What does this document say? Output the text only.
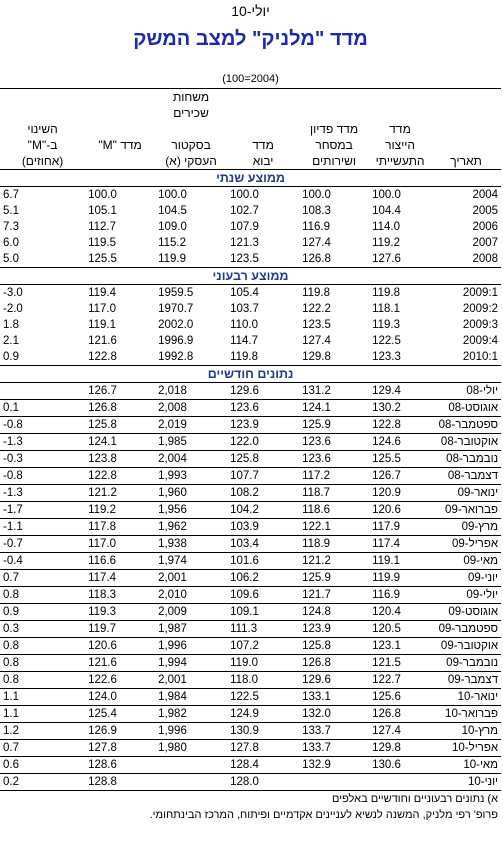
יולי-10						
מדד "מלניק" למצב המשק						

(2004=100)						
				משחות		
				שכירים		
	מדד	מדד פדיון				השינוי
	הייצור	במסחר	מדד	בסקטור	מדד "M"	ב-"M"
תאריך	התעשייתי	ושירותים	יבוא	העסקי (א)		(אחוזים)
ממוצע שנתי						
2004	100.0	100.0	100.0	100.0	100.0	6.7
2005	104.4	108.3	102.7	104.5	105.1	5.1
2006	114.0	116.9	107.9	109.0	112.7	7.3
2007	119.2	127.4	121.3	115.2	119.5	6.0
2008	127.6	126.8	123.5	119.9	125.5	5.0
ממוצע רבעוני						
2009:1	119.8	119.8	105.4	1959.5	119.4	-3.0
2009:2	118.1	122.2	103.7	1970.7	117.0	-2.0
2009:3	119.3	123.5	110.0	2002.0	119.1	1.8
2009:4	122.5	127.4	114.7	1996.9	121.6	2.1
2010:1	123.3	129.8	119.8	1992.8	122.8	0.9
נתונים חודשיים						
יולי-08	129.4	131.2	129.6	2,018	126.7	
אוגוסט-08	130.2	124.1	123.6	2,008	126.8	0.1
ספטמבר-08	122.8	125.9	123.9	2,019	125.8	-0.8
אוקטובר-08	124.6	123.6	122.0	1,985	124.1	-1.3
נובמבר-08	125.5	123.6	125.8	2,004	123.8	-0.3
דצמבר-08	126.7	117.2	107.7	1,993	122.8	-0.8
ינואר-09	120.9	118.7	108.2	1,960	121.2	-1.3
פברואר-09	120.6	118.6	104.2	1,956	119.2	-1.7
מרץ-09	117.9	122.1	103.9	1,962	117.8	-1.1
אפריל-09	117.4	118.9	103.4	1,938	117.0	-0.7
מאי-09	119.1	121.2	101.6	1,974	116.6	-0.4
יוני-09	119.9	125.9	106.2	2,001	117.4	0.7
יולי-09	116.9	121.7	109.6	2,010	118.3	0.8
אוגוסט-09	120.4	124.8	109.1	2,009	119.3	0.9
ספטמבר-09	120.5	123.9	111.3	1,987	119.7	0.3
אוקטובר-09	123.1	125.8	107.2	1,996	120.6	0.8
נובמבר-09	121.5	126.8	119.0	1,994	121.6	0.8
דצמבר-09	122.7	129.6	118.0	2,001	122.6	0.8
ינואר-10	125.6	133.1	122.5	1,984	124.0	1.1
פברואר-10	126.8	132.0	124.9	1,982	125.4	1.1
מרץ-10	127.4	133.7	130.9	1,996	126.9	1.2
אפריל-10	129.8	133.7	127.8	1,980	127.8	0.7
מאי-10	130.6	132.9	128.4		128.6	0.6
יוני-10			128.0		128.8	0.2
א) נתונים רבעוניים וחודשיים באלפים
פרופ' רפי מלניק, המשנה לנשיא לעניינים אקדמיים ופיתוח, המרכז הבינתחומי.
